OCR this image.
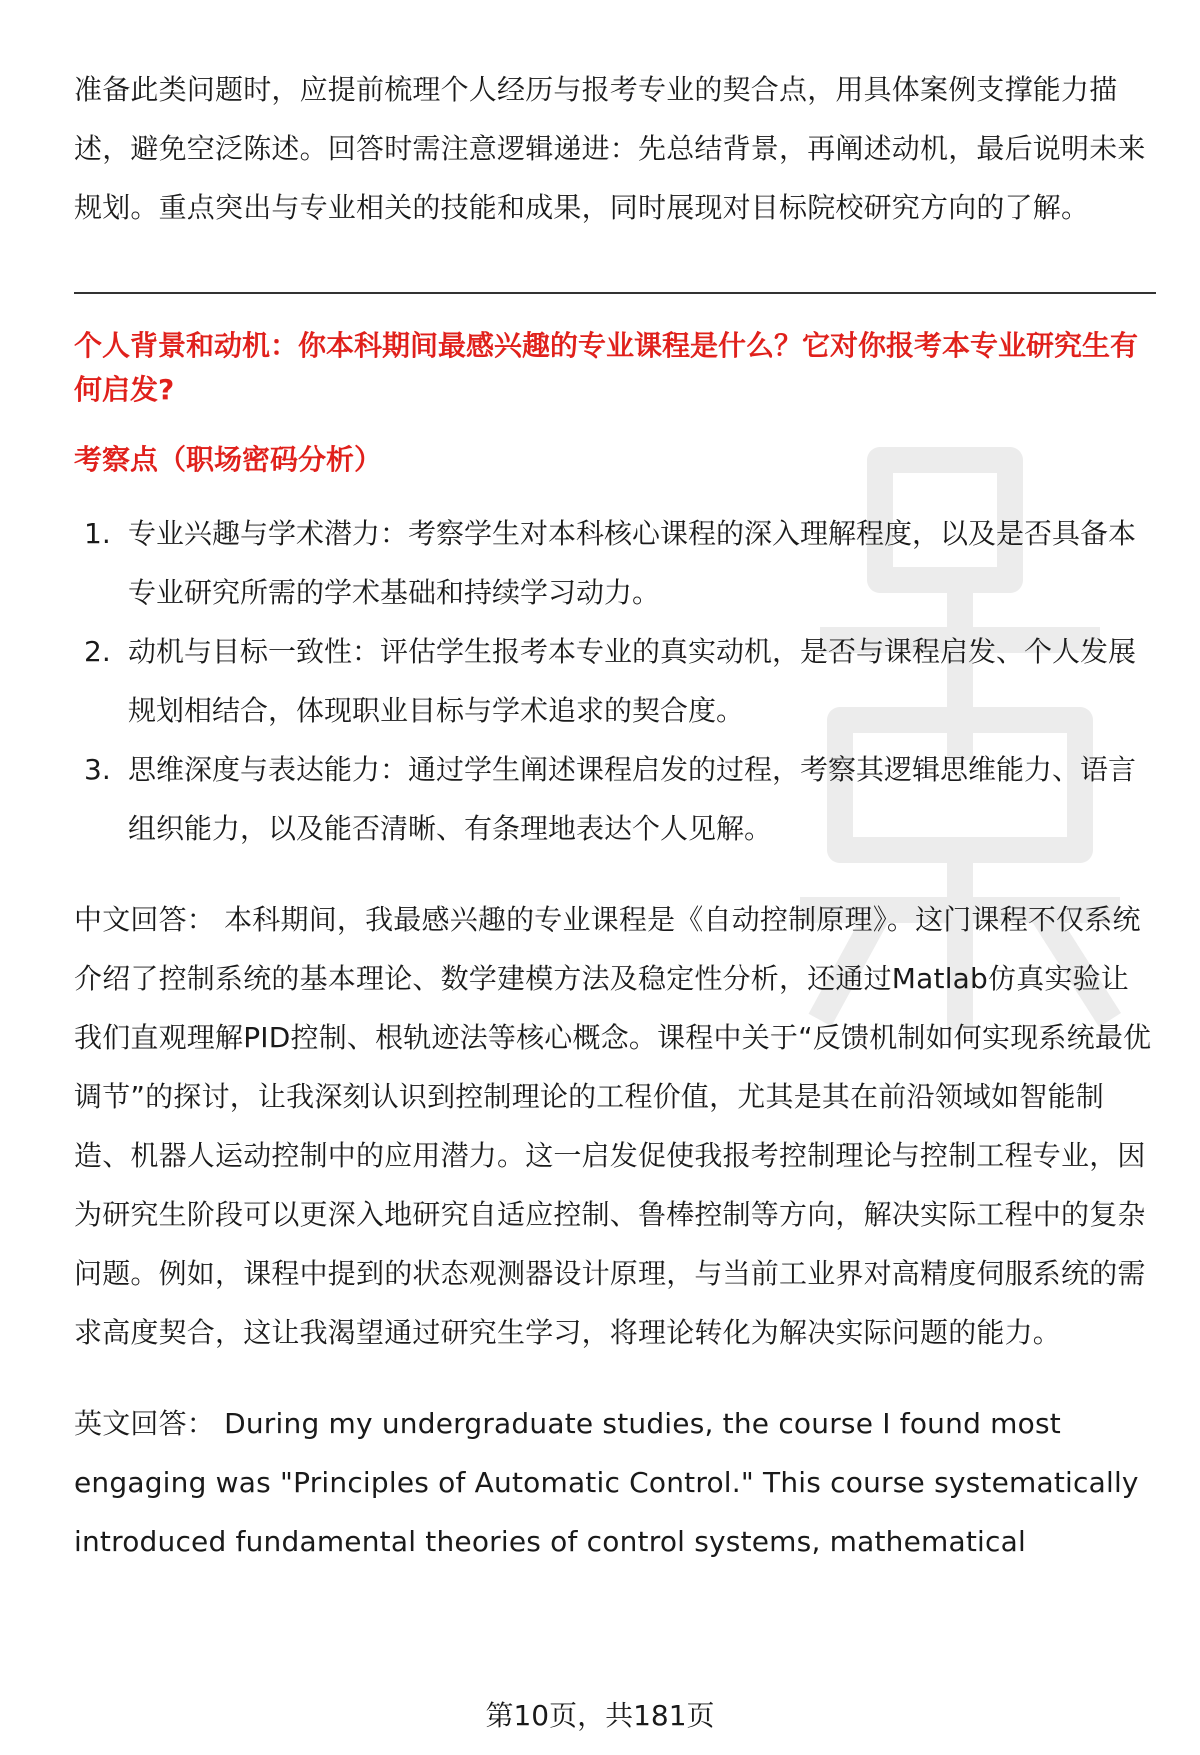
准备此类问题时，应提前梳理个人经历与报考专业的契合点，用具体案例支撑能力描述，避免空泛陈述。回答时需注意逻辑递进：先总结背景，再阐述动机，最后说明未来规划。重点突出与专业相关的技能和成果，同时展现对目标院校研究方向的了解。

个人背景和动机：你本科期间最感兴趣的专业课程是什么？它对你报考本专业研究生有何启发?

考察点（职场密码分析）

1. 专业兴趣与学术潜力：考察学生对本科核心课程的深入理解程度，以及是否具备本专业研究所需的学术基础和持续学习动力。
2. 动机与目标一致性：评估学生报考本专业的真实动机，是否与课程启发、个人发展规划相结合，体现职业目标与学术追求的契合度。
3. 思维深度与表达能力：通过学生阐述课程启发的过程，考察其逻辑思维能力、语言组织能力，以及能否清晰、有条理地表达个人见解。

中文回答： 本科期间，我最感兴趣的专业课程是《自动控制原理》。这门课程不仅系统介绍了控制系统的基本理论、数学建模方法及稳定性分析，还通过Matlab仿真实验让我们直观理解PID控制、根轨迹法等核心概念。课程中关于“反馈机制如何实现系统最优调节”的探讨，让我深刻认识到控制理论的工程价值，尤其是其在前沿领域如智能制造、机器人运动控制中的应用潜力。这一启发促使我报考控制理论与控制工程专业，因为研究生阶段可以更深入地研究自适应控制、鲁棒控制等方向，解决实际工程中的复杂问题。例如，课程中提到的状态观测器设计原理，与当前工业界对高精度伺服系统的需求高度契合，这让我渴望通过研究生学习，将理论转化为解决实际问题的能力。

英文回答： During my undergraduate studies, the course I found most engaging was "Principles of Automatic Control." This course systematically introduced fundamental theories of control systems, mathematical

第10页，共181页
